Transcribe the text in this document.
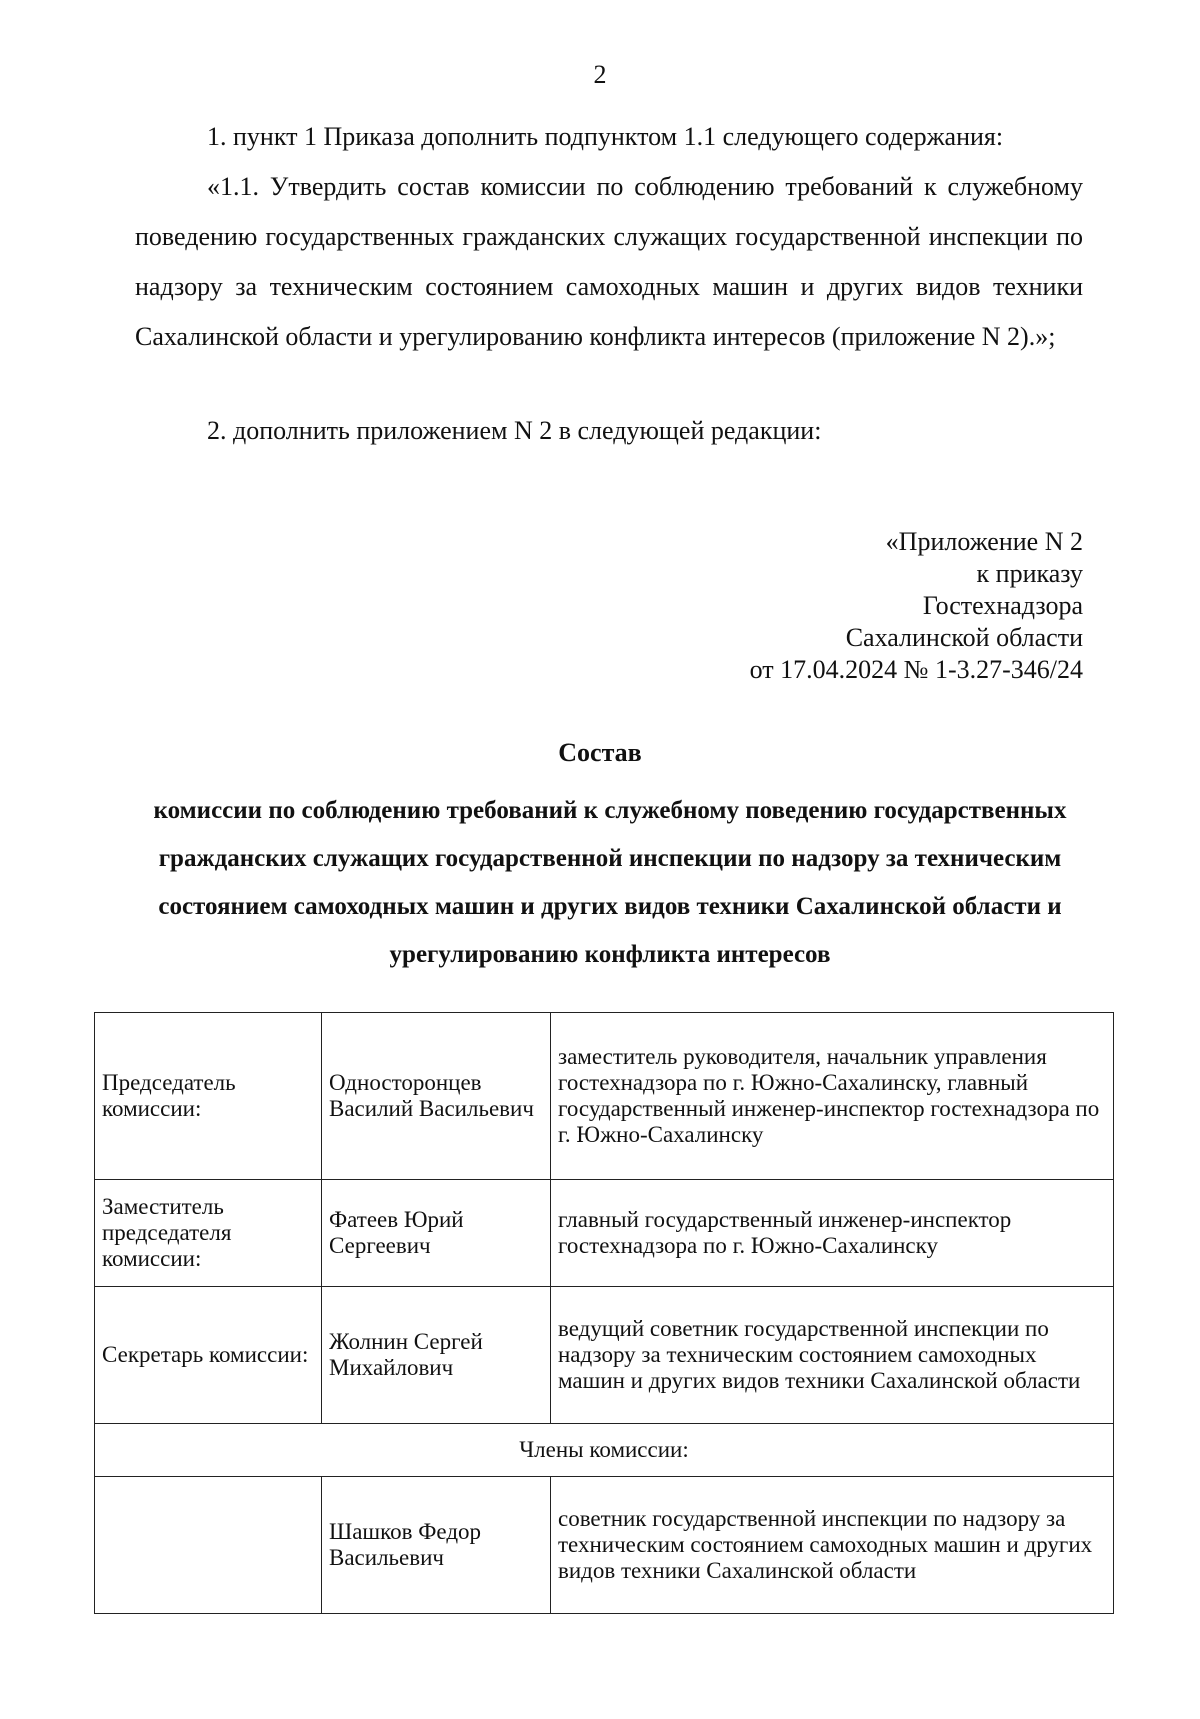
2
1. пункт 1 Приказа дополнить подпунктом 1.1 следующего содержания:
«1.1. Утвердить состав комиссии по соблюдению требований к служебному поведению государственных гражданских служащих государственной инспекции по надзору за техническим состоянием самоходных машин и других видов техники Сахалинской области и урегулированию конфликта интересов (приложение N 2).»;
2. дополнить приложением N 2 в следующей редакции:
«Приложение N 2
к приказу
Гостехнадзора
Сахалинской области
от 17.04.2024 № 1-3.27-346/24
Состав
комиссии по соблюдению требований к служебному поведению государственных гражданских служащих государственной инспекции по надзору за техническим состоянием самоходных машин и других видов техники Сахалинской области и урегулированию конфликта интересов
Председатель комиссии:	Односторонцев Василий Васильевич	заместитель руководителя, начальник управления гостехнадзора по г. Южно-Сахалинску, главный государственный инженер-инспектор гостехнадзора по г. Южно-Сахалинску
Заместитель председателя комиссии:	Фатеев Юрий Сергеевич	главный государственный инженер-инспектор гостехнадзора по г. Южно-Сахалинску
Секретарь комиссии:	Жолнин Сергей Михайлович	ведущий советник государственной инспекции по надзору за техническим состоянием самоходных машин и других видов техники Сахалинской области
Члены комиссии:		
	Шашков Федор Васильевич	советник государственной инспекции по надзору за техническим состоянием самоходных машин и других видов техники Сахалинской области
